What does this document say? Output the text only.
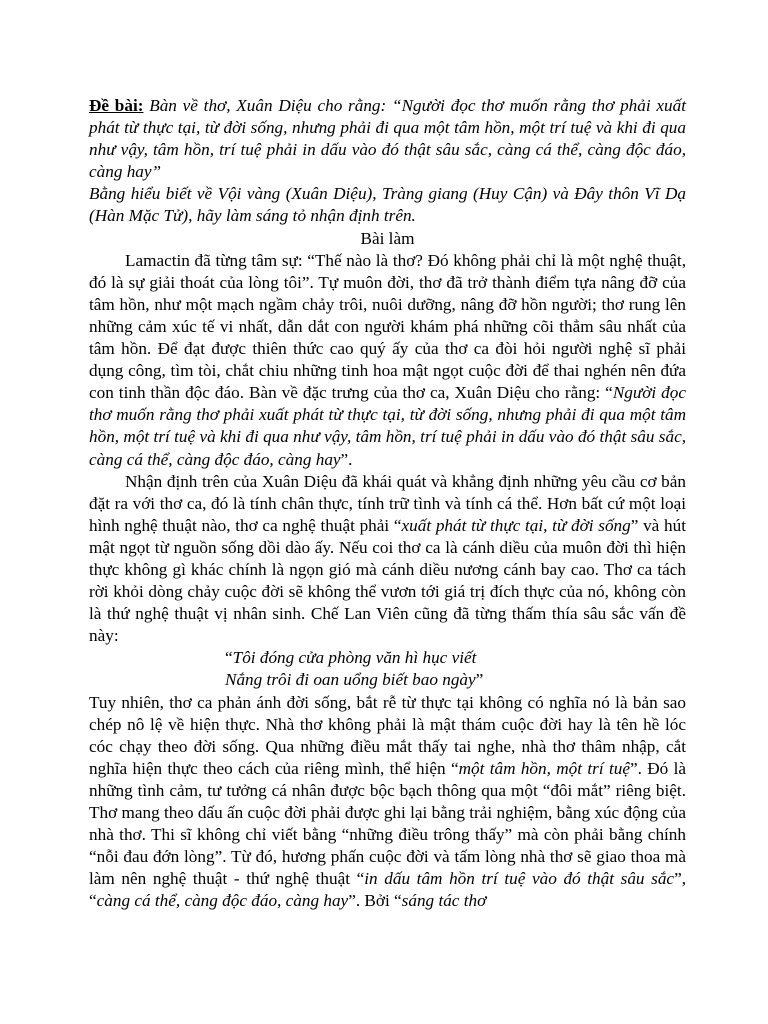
Đề bài: Bàn về thơ, Xuân Diệu cho rằng: “Người đọc thơ muốn rằng thơ phải xuất phát từ thực tại, từ đời sống, nhưng phải đi qua một tâm hồn, một trí tuệ và khi đi qua như vậy, tâm hồn, trí tuệ phải in dấu vào đó thật sâu sắc, càng cá thể, càng độc đáo, càng hay”

Bằng hiểu biết về Vội vàng (Xuân Diệu), Tràng giang (Huy Cận) và Đây thôn Vĩ Dạ (Hàn Mặc Tử), hãy làm sáng tỏ nhận định trên.

Bài làm

Lamactin đã từng tâm sự: “Thế nào là thơ? Đó không phải chỉ là một nghệ thuật, đó là sự giải thoát của lòng tôi”. Tự muôn đời, thơ đã trở thành điểm tựa nâng đỡ của tâm hồn, như một mạch ngầm chảy trôi, nuôi dưỡng, nâng đỡ hồn người; thơ rung lên những cảm xúc tế vi nhất, dẫn dắt con người khám phá những cõi thẳm sâu nhất của tâm hồn. Để đạt được thiên thức cao quý ấy của thơ ca đòi hỏi người nghệ sĩ phải dụng công, tìm tòi, chắt chiu những tinh hoa mật ngọt cuộc đời để thai nghén nên đứa con tinh thần độc đáo. Bàn về đặc trưng của thơ ca, Xuân Diệu cho rằng: “Người đọc thơ muốn rằng thơ phải xuất phát từ thực tại, từ đời sống, nhưng phải đi qua một tâm hồn, một trí tuệ và khi đi qua như vậy, tâm hồn, trí tuệ phải in dấu vào đó thật sâu sắc, càng cá thể, càng độc đáo, càng hay”.

Nhận định trên của Xuân Diệu đã khái quát và khẳng định những yêu cầu cơ bản đặt ra với thơ ca, đó là tính chân thực, tính trữ tình và tính cá thể. Hơn bất cứ một loại hình nghệ thuật nào, thơ ca nghệ thuật phải “xuất phát từ thực tại, từ đời sống” và hút mật ngọt từ nguồn sống dồi dào ấy. Nếu coi thơ ca là cánh diều của muôn đời thì hiện thực không gì khác chính là ngọn gió mà cánh diều nương cánh bay cao. Thơ ca tách rời khỏi dòng chảy cuộc đời sẽ không thể vươn tới giá trị đích thực của nó, không còn là thứ nghệ thuật vị nhân sinh. Chế Lan Viên cũng đã từng thấm thía sâu sắc vấn đề này:

“Tôi đóng cửa phòng văn hì hục viết
Nắng trôi đi oan uổng biết bao ngày”

Tuy nhiên, thơ ca phản ánh đời sống, bắt rễ từ thực tại không có nghĩa nó là bản sao chép nô lệ về hiện thực. Nhà thơ không phải là mật thám cuộc đời hay là tên hề lóc cóc chạy theo đời sống. Qua những điều mắt thấy tai nghe, nhà thơ thâm nhập, cắt nghĩa hiện thực theo cách của riêng mình, thể hiện “một tâm hồn, một trí tuệ”. Đó là những tình cảm, tư tưởng cá nhân được bộc bạch thông qua một “đôi mắt” riêng biệt. Thơ mang theo dấu ấn cuộc đời phải được ghi lại bằng trải nghiệm, bằng xúc động của nhà thơ. Thi sĩ không chỉ viết bằng “những điều trông thấy” mà còn phải bằng chính “nỗi đau đớn lòng”. Từ đó, hương phấn cuộc đời và tấm lòng nhà thơ sẽ giao thoa mà làm nên nghệ thuật - thứ nghệ thuật “in dấu tâm hồn trí tuệ vào đó thật sâu sắc”, “càng cá thể, càng độc đáo, càng hay”. Bởi “sáng tác thơ
